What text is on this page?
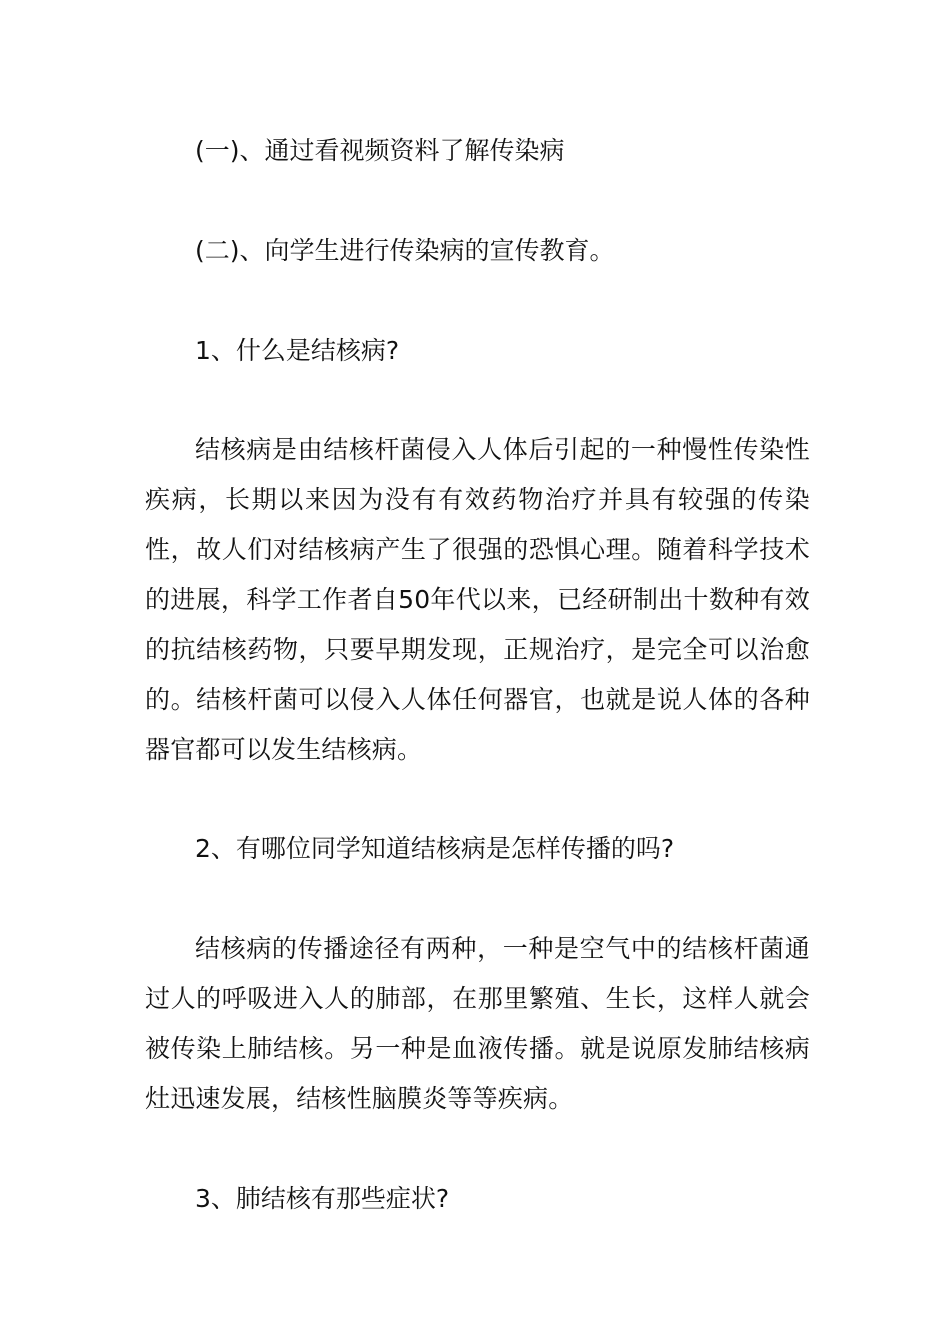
(一)、通过看视频资料了解传染病
(二)、向学生进行传染病的宣传教育。
1、什么是结核病?
结核病是由结核杆菌侵入人体后引起的一种慢性传染性疾病，长期以来因为没有有效药物治疗并具有较强的传染性，故人们对结核病产生了很强的恐惧心理。随着科学技术的进展，科学工作者自50年代以来，已经研制出十数种有效的抗结核药物，只要早期发现，正规治疗，是完全可以治愈的。结核杆菌可以侵入人体任何器官，也就是说人体的各种器官都可以发生结核病。
2、有哪位同学知道结核病是怎样传播的吗?
结核病的传播途径有两种，一种是空气中的结核杆菌通过人的呼吸进入人的肺部，在那里繁殖、生长，这样人就会被传染上肺结核。另一种是血液传播。就是说原发肺结核病灶迅速发展，结核性脑膜炎等等疾病。
3、肺结核有那些症状?
